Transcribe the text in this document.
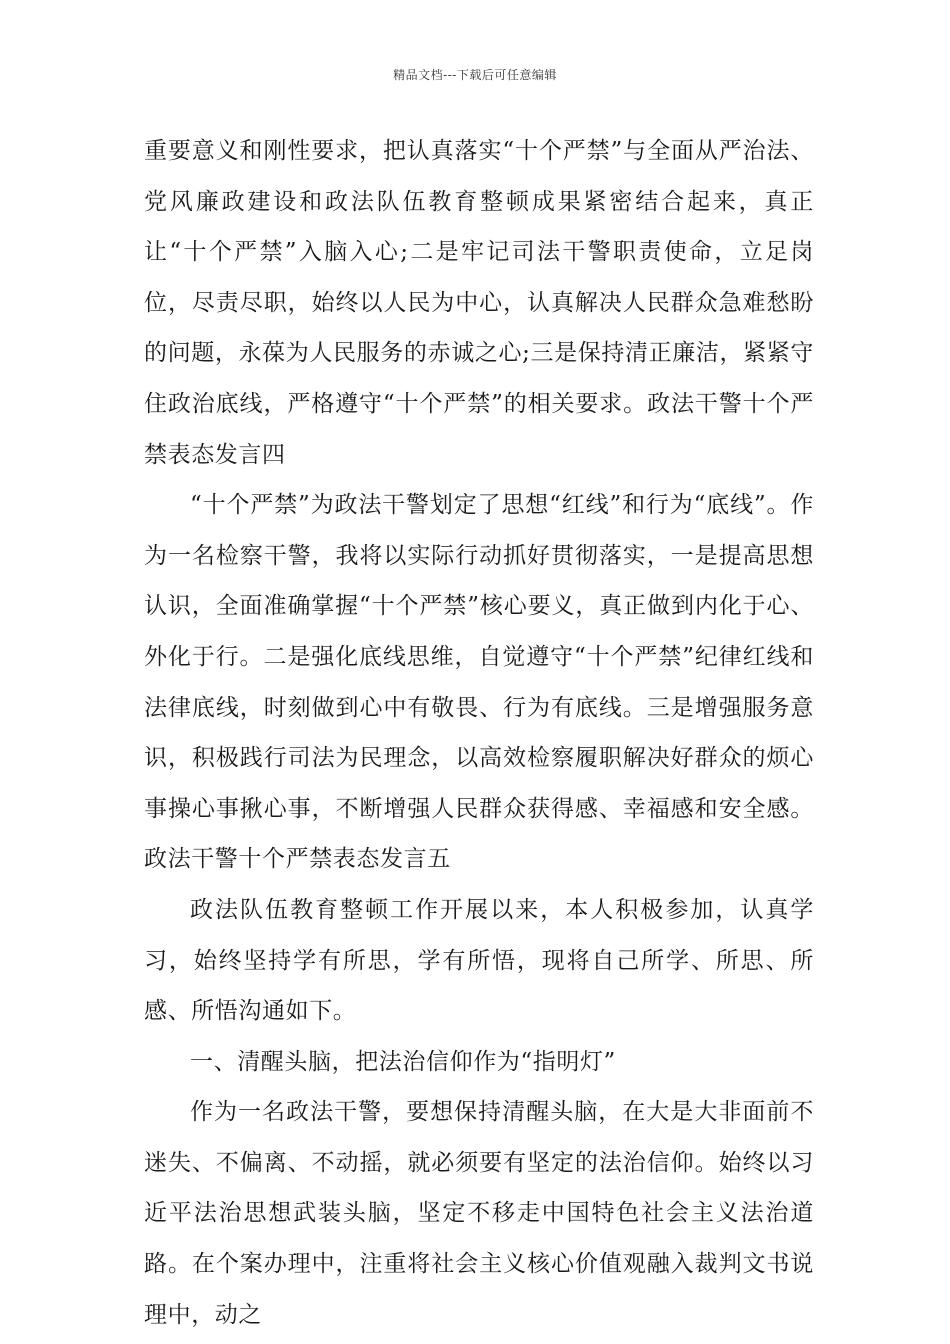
精品文档---下载后可任意编辑

重要意义和刚性要求，把认真落实“十个严禁”与全面从严治法、党风廉政建设和政法队伍教育整顿成果紧密结合起来，真正让“十个严禁”入脑入心;二是牢记司法干警职责使命，立足岗位，尽责尽职，始终以人民为中心，认真解决人民群众急难愁盼的问题，永葆为人民服务的赤诚之心;三是保持清正廉洁，紧紧守住政治底线，严格遵守“十个严禁”的相关要求。政法干警十个严禁表态发言四

“十个严禁”为政法干警划定了思想“红线”和行为“底线”。作为一名检察干警，我将以实际行动抓好贯彻落实，一是提高思想认识，全面准确掌握“十个严禁”核心要义，真正做到内化于心、外化于行。二是强化底线思维，自觉遵守“十个严禁”纪律红线和法律底线，时刻做到心中有敬畏、行为有底线。三是增强服务意识，积极践行司法为民理念，以高效检察履职解决好群众的烦心事操心事揪心事，不断增强人民群众获得感、幸福感和安全感。政法干警十个严禁表态发言五

政法队伍教育整顿工作开展以来，本人积极参加，认真学习，始终坚持学有所思，学有所悟，现将自己所学、所思、所感、所悟沟通如下。

一、清醒头脑，把法治信仰作为“指明灯”

作为一名政法干警，要想保持清醒头脑，在大是大非面前不迷失、不偏离、不动摇，就必须要有坚定的法治信仰。始终以习近平法治思想武装头脑，坚定不移走中国特色社会主义法治道路。在个案办理中，注重将社会主义核心价值观融入裁判文书说理中，动之
